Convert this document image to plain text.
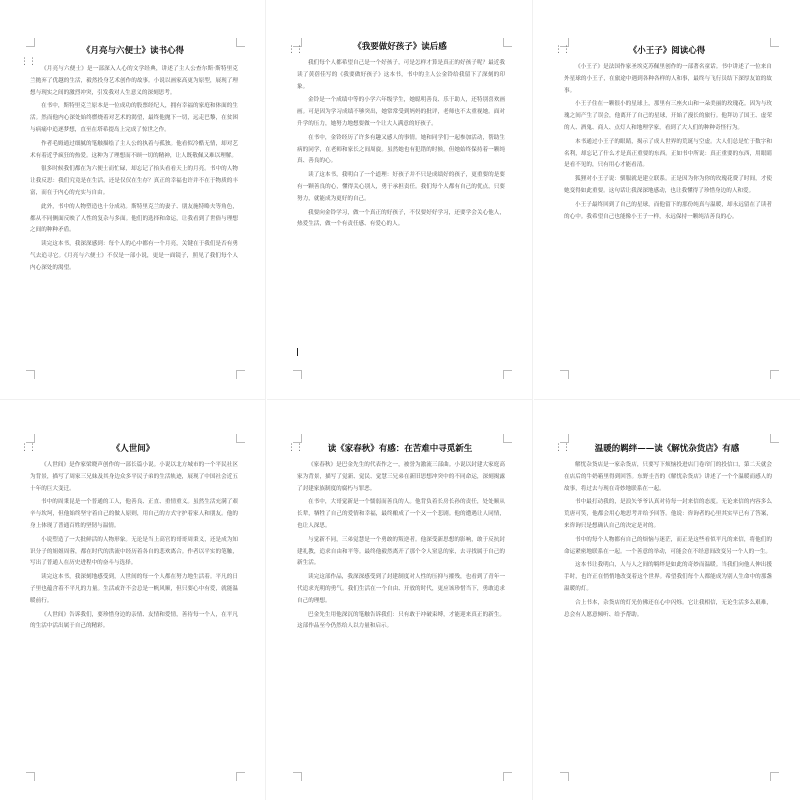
⋮⋮
《月亮与六便士》读书心得

《月亮与六便士》是一部深入人心的文学经典，讲述了主人公查尔斯·斯特里克兰抛弃了优越的生活，毅然投身艺术创作的故事。小说以画家高更为原型，展现了理想与现实之间的激烈冲突，引发我对人生意义的深刻思考。

在书中，斯特里克兰原本是一位成功的股票经纪人，拥有幸福的家庭和体面的生活。然而他内心深处始终燃烧着对艺术的渴望，最终他抛下一切，远走巴黎，在贫困与病痛中追逐梦想，直至在塔希提岛上完成了惊世之作。

作者毛姆通过细腻的笔触描绘了主人公的执着与孤独。他看似冷酷无情，却对艺术有着近乎疯狂的热爱。这种为了理想而不顾一切的精神，让人既敬佩又难以理解。

很多时候我们都在为六便士而忙碌，却忘记了抬头看看天上的月亮。书中的人物让我反思：我们究竟是在生活，还是仅仅在生存？真正的幸福也许并不在于物质的丰富，而在于内心的充实与自由。

此外，书中的人物塑造也十分成功。斯特里克兰的妻子、朋友施特略夫等角色，都从不同侧面反映了人性的复杂与多面。他们的选择和命运，让我看到了世俗与理想之间的种种矛盾。

读完这本书，我深深感到：每个人的心中都有一个月亮，关键在于我们是否有勇气去追寻它。《月亮与六便士》不仅是一部小说，更是一面镜子，照见了我们每个人内心深处的渴望。

⋮⋮	《我要做好孩子》读后感

我们每个人都希望自己是一个好孩子，可是怎样才算是真正的好孩子呢？最近我读了黄蓓佳写的《我要做好孩子》这本书，书中的主人公金铃给我留下了深刻的印象。

金铃是一个成绩中等的小学六年级学生，她聪明善良、乐于助人，还特别喜欢画画。可是因为学习成绩不够突出，她常常受到妈妈的批评，老师也不太重视她。面对升学的压力，她努力地想要做一个让大人满意的好孩子。

在书中，金铃经历了许多有趣又感人的事情。她和同学们一起参加活动，帮助生病的同学，在老师和家长之间周旋。虽然她也有犯错的时候，但她始终保持着一颗纯真、善良的心。

读了这本书，我明白了一个道理：好孩子并不只是成绩好的孩子，更重要的是要有一颗善良的心，懂得关心别人，勇于承担责任。我们每个人都有自己的优点，只要努力，就能成为更好的自己。

我要向金铃学习，做一个真正的好孩子，不仅要好好学习，还要学会关心他人，热爱生活，做一个有责任感、有爱心的人。

⋮⋮	《小王子》阅读心得

《小王子》是法国作家圣埃克苏佩里创作的一部著名童话。书中讲述了一位来自外星球的小王子，在旅途中遇到各种各样的人和事，最终与飞行员结下深厚友谊的故事。

小王子住在一颗很小的星球上，那里有三座火山和一朵美丽的玫瑰花。因为与玫瑰之间产生了误会，他离开了自己的星球，开始了漫长的旅行。他拜访了国王、虚荣的人、酒鬼、商人、点灯人和地理学家，看到了大人们的种种奇怪行为。

本书通过小王子的眼睛，揭示了成人世界的荒诞与空虚。大人们总是忙于数字和名利，却忘记了什么才是真正重要的东西。正如书中所说：真正重要的东西，用眼睛是看不见的，只有用心才能看清。

狐狸对小王子说：驯服就是建立联系。正是因为你为你的玫瑰花费了时间，才使她变得如此重要。这句话让我深深地感动，也让我懂得了珍惜身边的人和爱。

小王子最终回到了自己的星球，而他留下的那份纯真与温暖，却永远留在了读者的心中。我希望自己也能像小王子一样，永远保持一颗纯洁善良的心。

⋮⋮	《人世间》

《人世间》是作家梁晓声创作的一部长篇小说。小说以北方城市的一个平民社区为背景，描写了周家三兄妹及其身边众多平民子弟的生活轨迹，展现了中国社会近五十年的巨大变迁。

书中的周秉昆是一个普通的工人，他善良、正直、重情重义。虽然生活充满了艰辛与坎坷，但他始终坚守着自己的做人原则，用自己的方式守护着家人和朋友。他的身上体现了普通百姓的坚韧与温情。

小说塑造了一大批鲜活的人物形象。无论是当上高官的哥哥周秉义，还是成为知识分子的姐姐周蓉，都在时代的洪流中经历着各自的悲欢离合。作者以平实的笔触，写出了普通人在历史进程中的奋斗与选择。

读完这本书，我深刻地感受到，人世间的每一个人都在努力地生活着。平凡的日子里也蕴含着不平凡的力量。生活或许不会总是一帆风顺，但只要心中有爱，就能温暖前行。

《人世间》告诉我们，要珍惜身边的亲情、友情和爱情，善待每一个人，在平凡的生活中活出属于自己的精彩。

⋮⋮	读《家春秋》有感：在苦难中寻觅新生

《家春秋》是巴金先生的代表作之一，被誉为激流三部曲。小说以封建大家庭高家为背景，描写了觉新、觉民、觉慧三兄弟在新旧思想冲突中的不同命运，深刻揭露了封建家族制度的腐朽与罪恶。

在书中，大哥觉新是一个懦弱而善良的人。他背负着长房长孙的责任，处处顺从长辈，牺牲了自己的爱情和幸福，最终酿成了一个又一个悲剧。他的遭遇让人同情，也让人深思。

与觉新不同，三弟觉慧是一个勇敢的叛逆者。他深受新思想的影响，敢于反抗封建礼教，追求自由和平等。最终他毅然离开了那个令人窒息的家，去寻找属于自己的新生活。

读完这部作品，我深深感受到了封建制度对人性的压抑与摧残，也看到了青年一代追求光明的勇气。我们生活在一个自由、开放的时代，更应该珍惜当下，勇敢追求自己的理想。

巴金先生用他深沉的笔触告诉我们：只有敢于冲破束缚，才能迎来真正的新生。这部作品至今仍然给人以力量和启示。

⋮⋮	温暖的羁绊——读《解忧杂货店》有感

解忧杂货店是一家杂货店，只要写下烦恼投进店门卷帘门的投信口，第二天就会在店后的牛奶箱里得到回答。东野圭吾的《解忧杂货店》讲述了一个个温暖而感人的故事，将过去与现在奇妙地联系在一起。

书中最打动我的，是浪矢爷爷认真对待每一封来信的态度。无论来信的内容多么荒唐可笑，他都会用心地思考并给予回答。他说：咨询者的心里其实早已有了答案，来咨询只是想确认自己的决定是对的。

书中的每个人物都有自己的烦恼与迷茫，而正是这些看似平凡的来信，将他们的命运紧密地联系在一起。一个善意的举动，可能会在不经意间改变另一个人的一生。

这本书让我明白，人与人之间的羁绊是如此的奇妙而温暖。当我们向他人伸出援手时，也许正在悄悄地改变着这个世界。希望我们每个人都能成为别人生命中的那盏温暖的灯。

合上书本，杂货店的灯光仿佛还在心中闪烁。它让我相信，无论生活多么艰难，总会有人愿意倾听、给予帮助。
